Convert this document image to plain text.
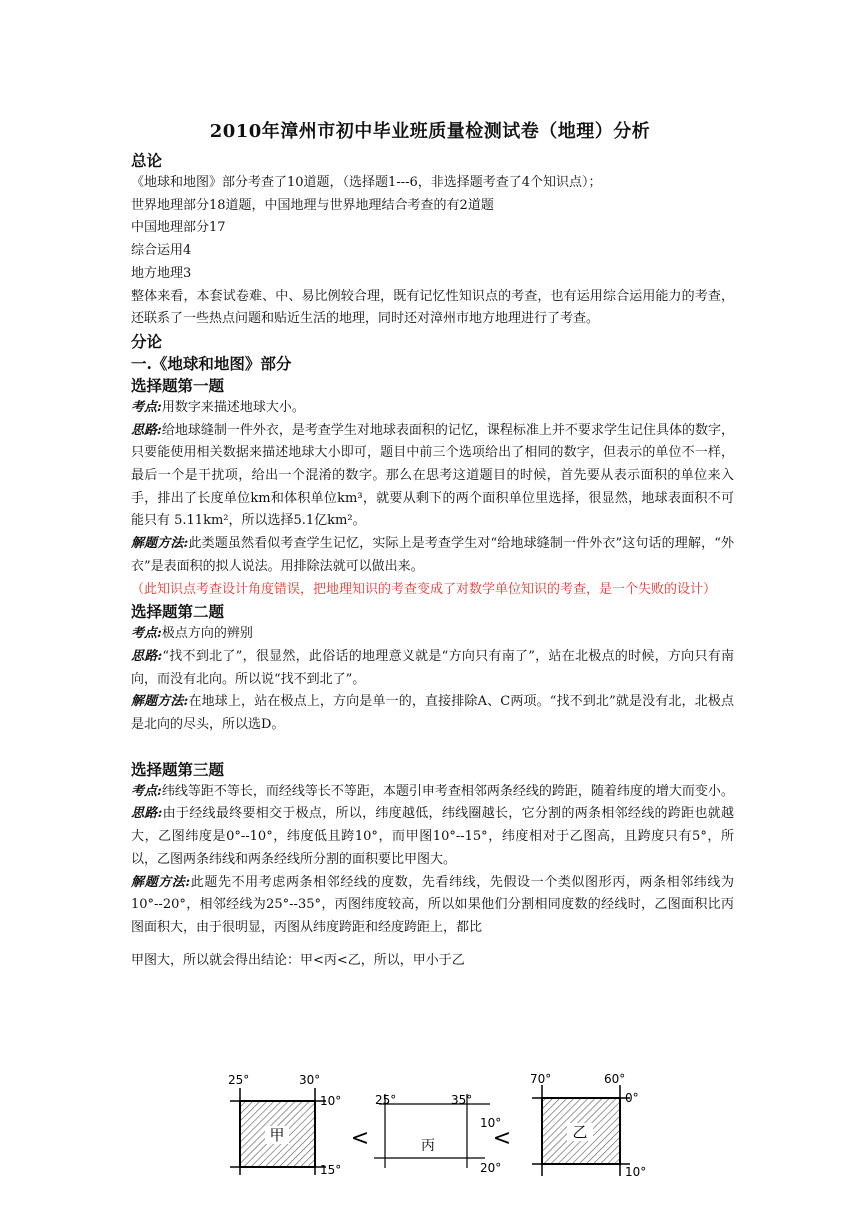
2010年漳州市初中毕业班质量检测试卷（地理）分析

总论

《地球和地图》部分考查了10道题，（选择题1---6，非选择题考查了4个知识点）；

世界地理部分18道题，中国地理与世界地理结合考查的有2道题

中国地理部分17

综合运用4

地方地理3

整体来看，本套试卷难、中、易比例较合理，既有记忆性知识点的考查，也有运用综合运用能力的考查，还联系了一些热点问题和贴近生活的地理，同时还对漳州市地方地理进行了考查。

分论

一.《地球和地图》部分

选择题第一题

考点:用数字来描述地球大小。

思路:给地球缝制一件外衣，是考查学生对地球表面积的记忆，课程标准上并不要求学生记住具体的数字，只要能使用相关数据来描述地球大小即可，题目中前三个选项给出了相同的数字，但表示的单位不一样，最后一个是干扰项，给出一个混淆的数字。那么在思考这道题目的时候，首先要从表示面积的单位来入手，排出了长度单位km和体积单位km³，就要从剩下的两个面积单位里选择，很显然，地球表面积不可能只有 5.11km²，所以选择5.1亿km²。

解题方法:此类题虽然看似考查学生记忆，实际上是考查学生对“给地球缝制一件外衣”这句话的理解，“外衣”是表面积的拟人说法。用排除法就可以做出来。

（此知识点考查设计角度错误，把地理知识的考查变成了对数学单位知识的考查，是一个失败的设计）

选择题第二题

考点:极点方向的辨别

思路:“找不到北了”，很显然，此俗话的地理意义就是“方向只有南了”，站在北极点的时候，方向只有南向，而没有北向。所以说“找不到北了”。

解题方法:在地球上，站在极点上，方向是单一的，直接排除A、C两项。“找不到北”就是没有北，北极点是北向的尽头，所以选D。

选择题第三题

考点:纬线等距不等长，而经线等长不等距，本题引申考查相邻两条经线的跨距，随着纬度的增大而变小。

思路:由于经线最终要相交于极点，所以，纬度越低，纬线圈越长，它分割的两条相邻经线的跨距也就越大，乙图纬度是0°--10°，纬度低且跨10°，而甲图10°--15°，纬度相对于乙图高，且跨度只有5°，所以，乙图两条纬线和两条经线所分割的面积要比甲图大。

解题方法:此题先不用考虑两条相邻经线的度数，先看纬线，先假设一个类似图形丙，两条相邻纬线为10°--20°，相邻经线为25°--35°，丙图纬度较高，所以如果他们分割相同度数的经线时，乙图面积比丙图面积大，由于很明显，丙图从纬度跨距和经度跨距上，都比

甲图大，所以就会得出结论：甲<丙<乙，所以，甲小于乙

甲
25°	30°
10°
15°
<	丙
25°	35°
10°
20°
<	乙
70°	60°
0°
10°
